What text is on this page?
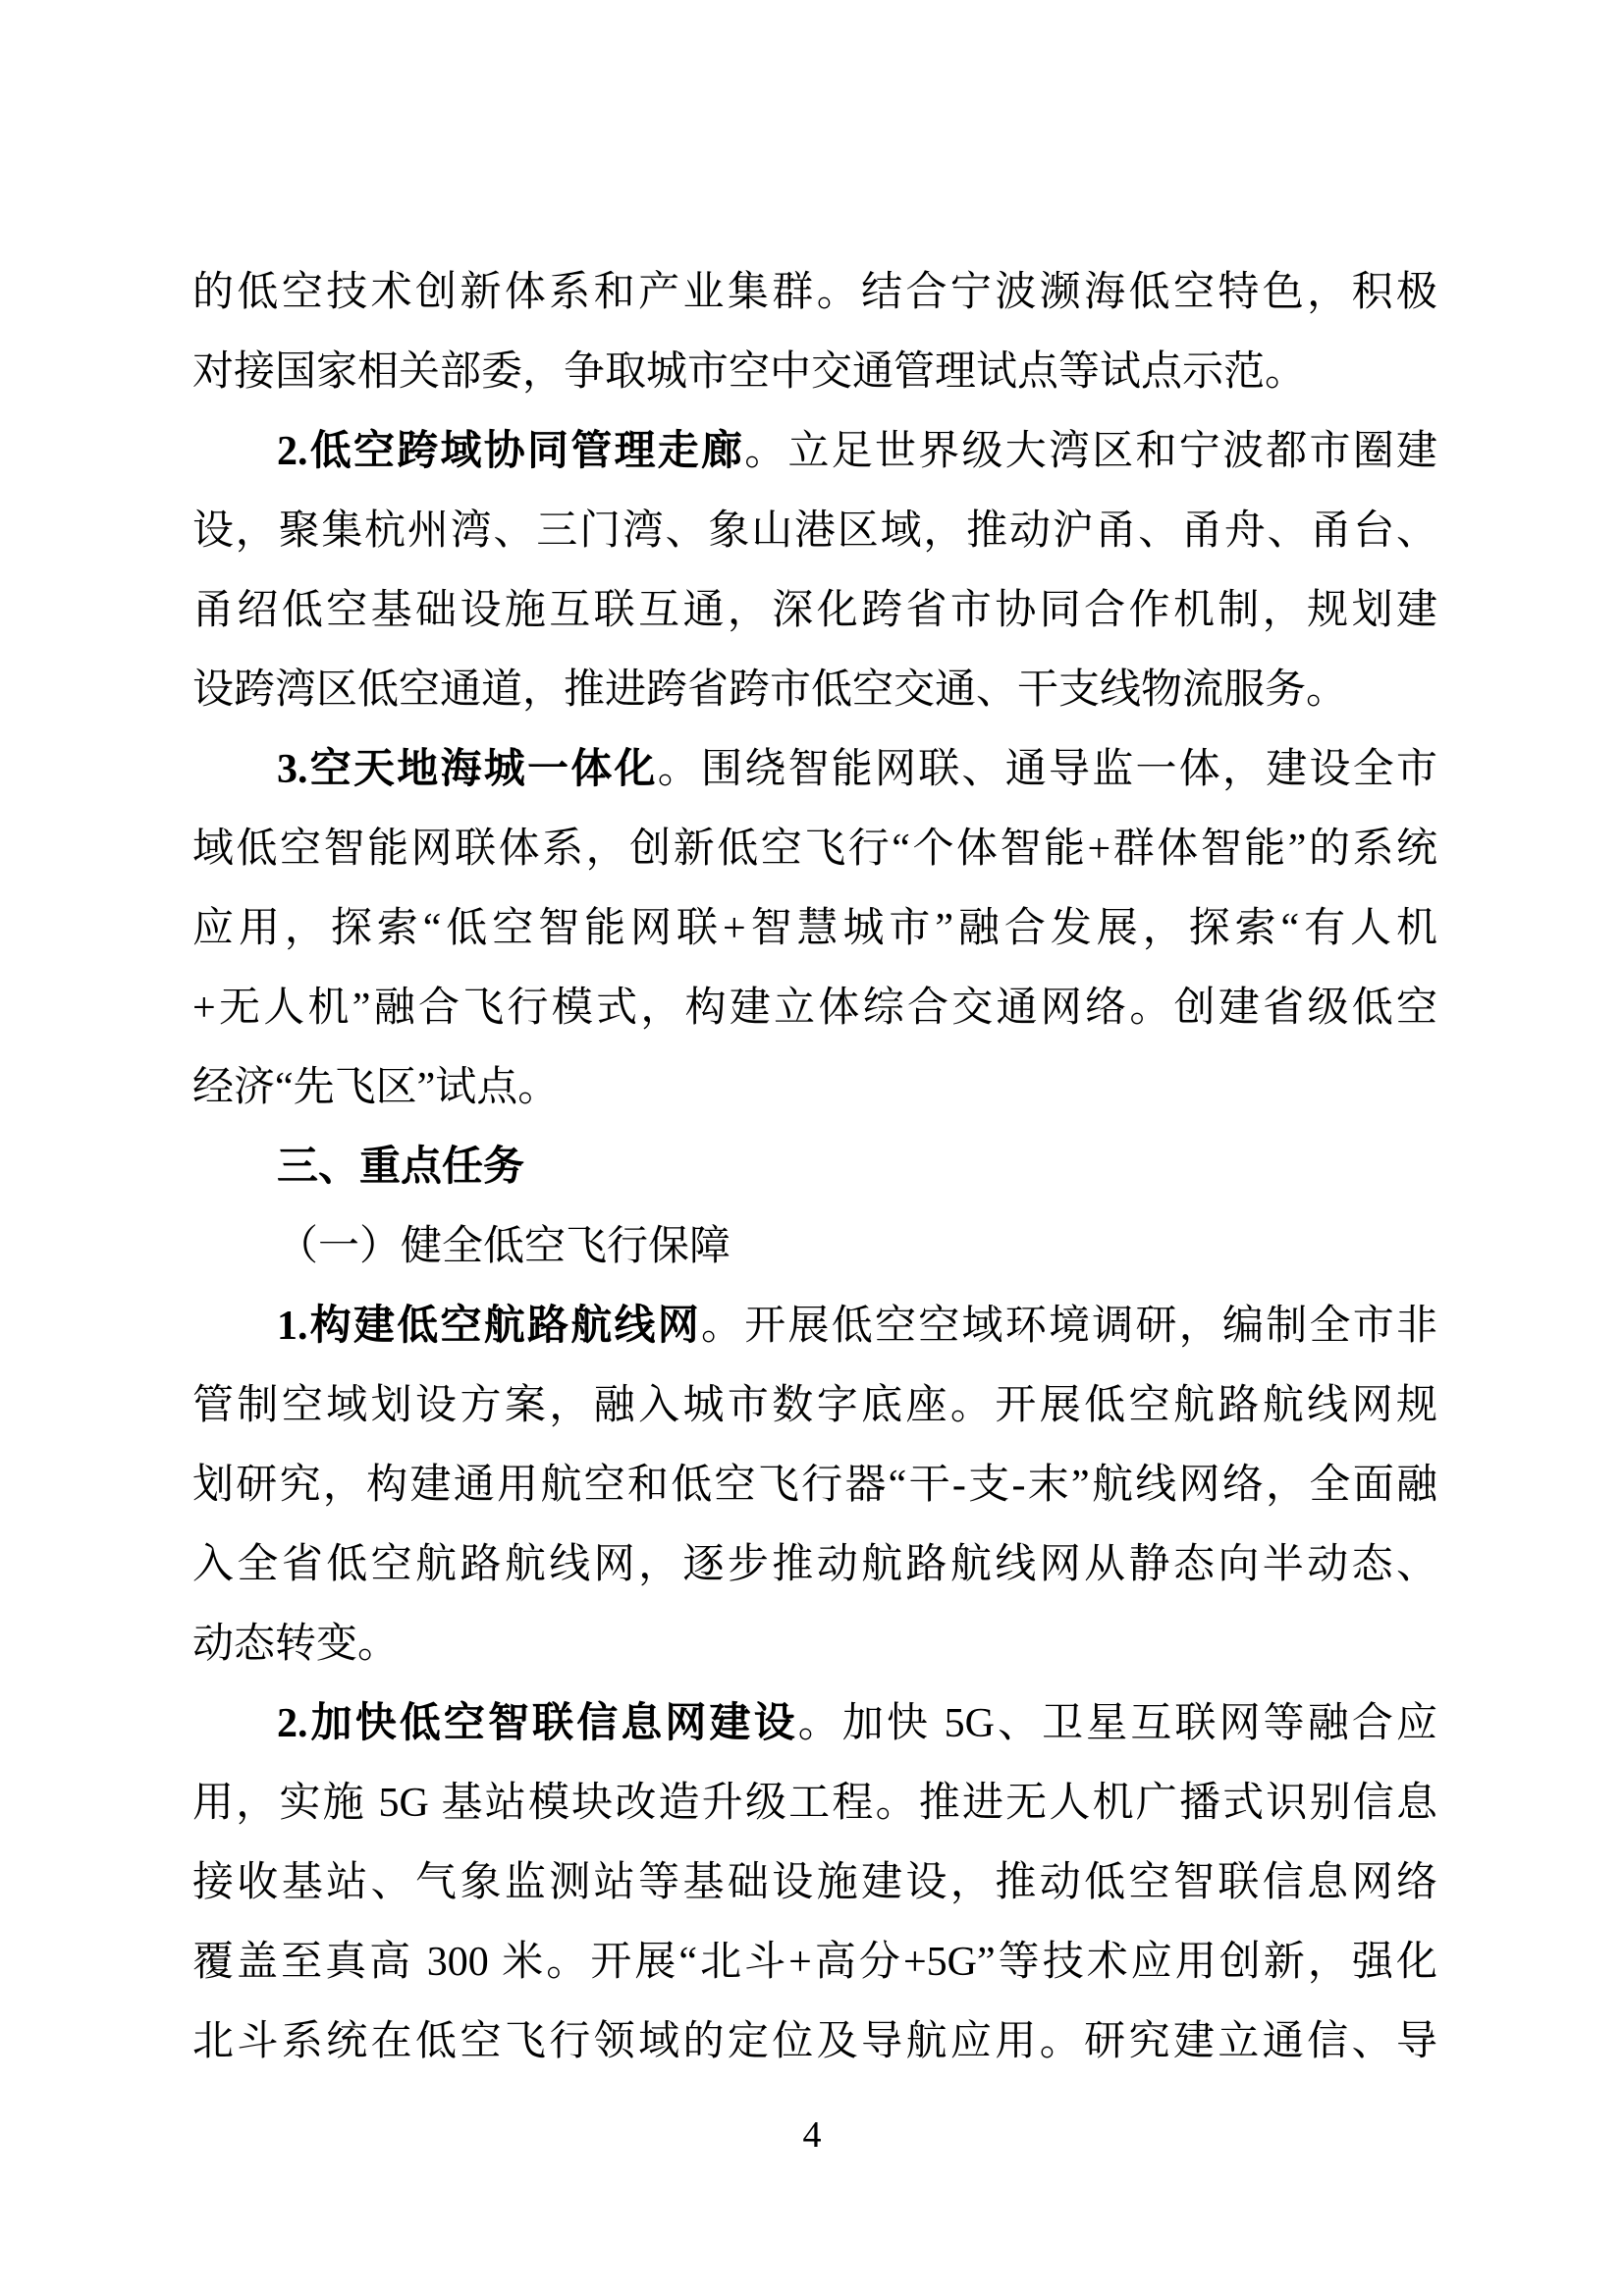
的低空技术创新体系和产业集群。结合宁波濒海低空特色，积极
对接国家相关部委，争取城市空中交通管理试点等试点示范。
2.低空跨域协同管理走廊。立足世界级大湾区和宁波都市圈建
设，聚集杭州湾、三门湾、象山港区域，推动沪甬、甬舟、甬台、
甬绍低空基础设施互联互通，深化跨省市协同合作机制，规划建
设跨湾区低空通道，推进跨省跨市低空交通、干支线物流服务。
3.空天地海城一体化。围绕智能网联、通导监一体，建设全市
域低空智能网联体系，创新低空飞行“个体智能+群体智能”的系统
应用，探索“低空智能网联+智慧城市”融合发展，探索“有人机
+无人机”融合飞行模式，构建立体综合交通网络。创建省级低空
经济“先飞区”试点。
三、重点任务
（一）健全低空飞行保障
1.构建低空航路航线网。开展低空空域环境调研，编制全市非
管制空域划设方案，融入城市数字底座。开展低空航路航线网规
划研究，构建通用航空和低空飞行器“干-支-末”航线网络，全面融
入全省低空航路航线网，逐步推动航路航线网从静态向半动态、
动态转变。
2.加快低空智联信息网建设。加快 5G、卫星互联网等融合应
用，实施 5G 基站模块改造升级工程。推进无人机广播式识别信息
接收基站、气象监测站等基础设施建设，推动低空智联信息网络
覆盖至真高 300 米。开展“北斗+高分+5G”等技术应用创新，强化
北斗系统在低空飞行领域的定位及导航应用。研究建立通信、导
4
